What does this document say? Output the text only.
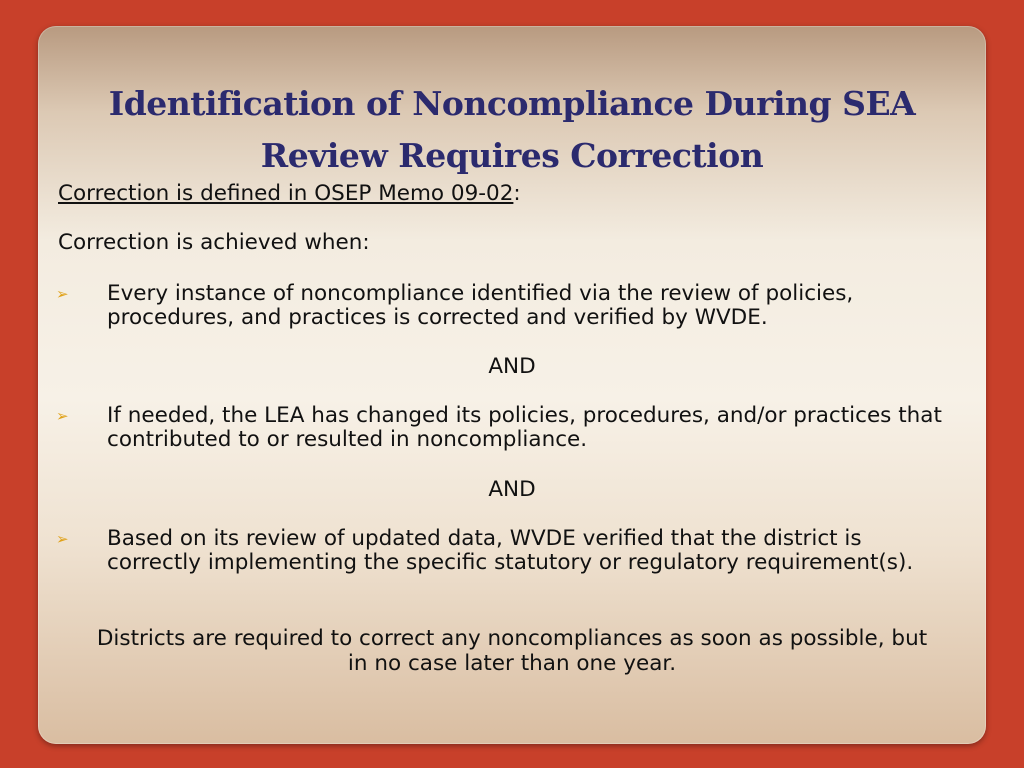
Identification of Noncompliance During SEA
Review Requires Correction
Correction is defined in OSEP Memo 09-02:
Correction is achieved when:
➢ Every instance of noncompliance identified via the review of policies, procedures, and practices is corrected and verified by WVDE.
AND
➢ If needed, the LEA has changed its policies, procedures, and/or practices that contributed to or resulted in noncompliance.
AND
➢ Based on its review of updated data, WVDE verified that the district is correctly implementing the specific statutory or regulatory requirement(s).
Districts are required to correct any noncompliances as soon as possible, but in no case later than one year.
